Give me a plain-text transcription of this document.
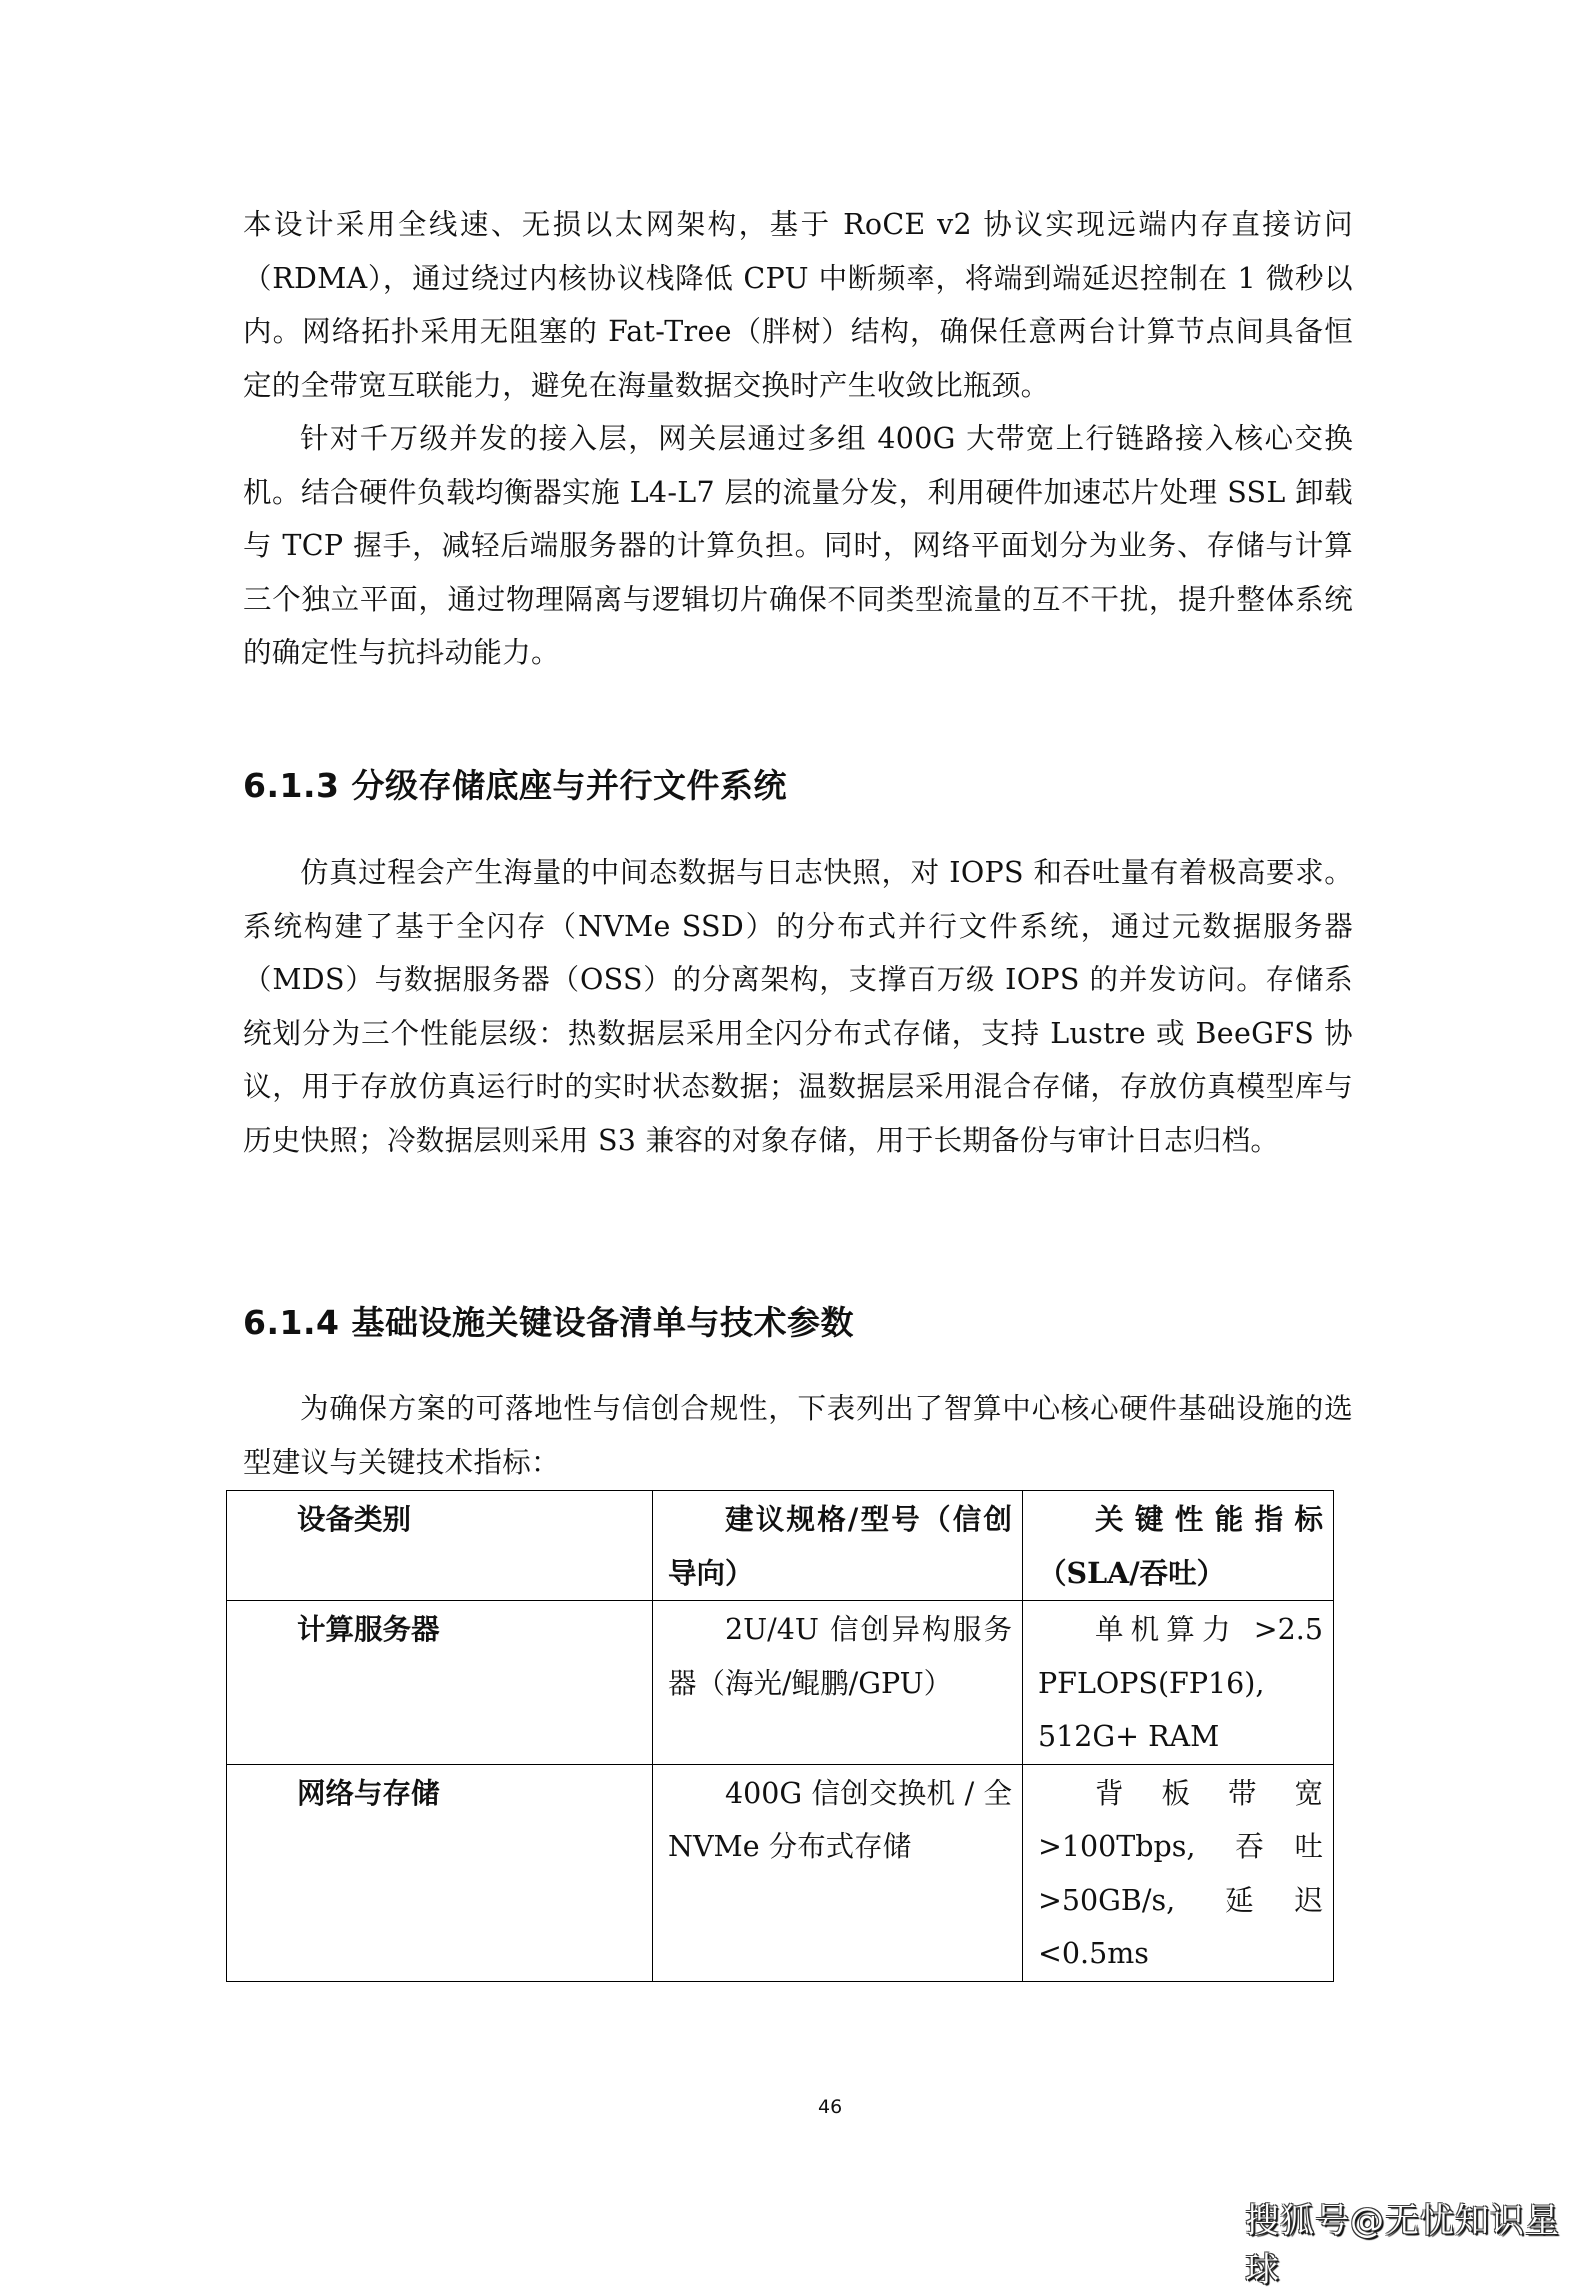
本设计采用全线速、无损以太网架构，基于 RoCE v2 协议实现远端内存直接访问（RDMA），通过绕过内核协议栈降低 CPU 中断频率，将端到端延迟控制在 1 微秒以内。网络拓扑采用无阻塞的 Fat-Tree（胖树）结构，确保任意两台计算节点间具备恒定的全带宽互联能力，避免在海量数据交换时产生收敛比瓶颈。

针对千万级并发的接入层，网关层通过多组 400G 大带宽上行链路接入核心交换机。结合硬件负载均衡器实施 L4-L7 层的流量分发，利用硬件加速芯片处理 SSL 卸载与 TCP 握手，减轻后端服务器的计算负担。同时，网络平面划分为业务、存储与计算三个独立平面，通过物理隔离与逻辑切片确保不同类型流量的互不干扰，提升整体系统的确定性与抗抖动能力。

6.1.3 分级存储底座与并行文件系统

仿真过程会产生海量的中间态数据与日志快照，对 IOPS 和吞吐量有着极高要求。系统构建了基于全闪存（NVMe SSD）的分布式并行文件系统，通过元数据服务器（MDS）与数据服务器（OSS）的分离架构，支撑百万级 IOPS 的并发访问。存储系统划分为三个性能层级：热数据层采用全闪分布式存储，支持 Lustre 或 BeeGFS 协议，用于存放仿真运行时的实时状态数据；温数据层采用混合存储，存放仿真模型库与历史快照；冷数据层则采用 S3 兼容的对象存储，用于长期备份与审计日志归档。

6.1.4 基础设施关键设备清单与技术参数

为确保方案的可落地性与信创合规性，下表列出了智算中心核心硬件基础设施的选型建议与关键技术指标：

设备类别	建议规格/型号（信创导向）	关键性能指标（SLA/吞吐）
计算服务器	2U/4U 信创异构服务器（海光/鲲鹏/GPU）	单机算力 >2.5 PFLOPS(FP16), 512G+ RAM
网络与存储	400G 信创交换机 / 全 NVMe 分布式存储	背板带宽>100Tbps, 吞吐 >50GB/s, 延迟 <0.5ms
46
搜狐号@无忧知识星球
